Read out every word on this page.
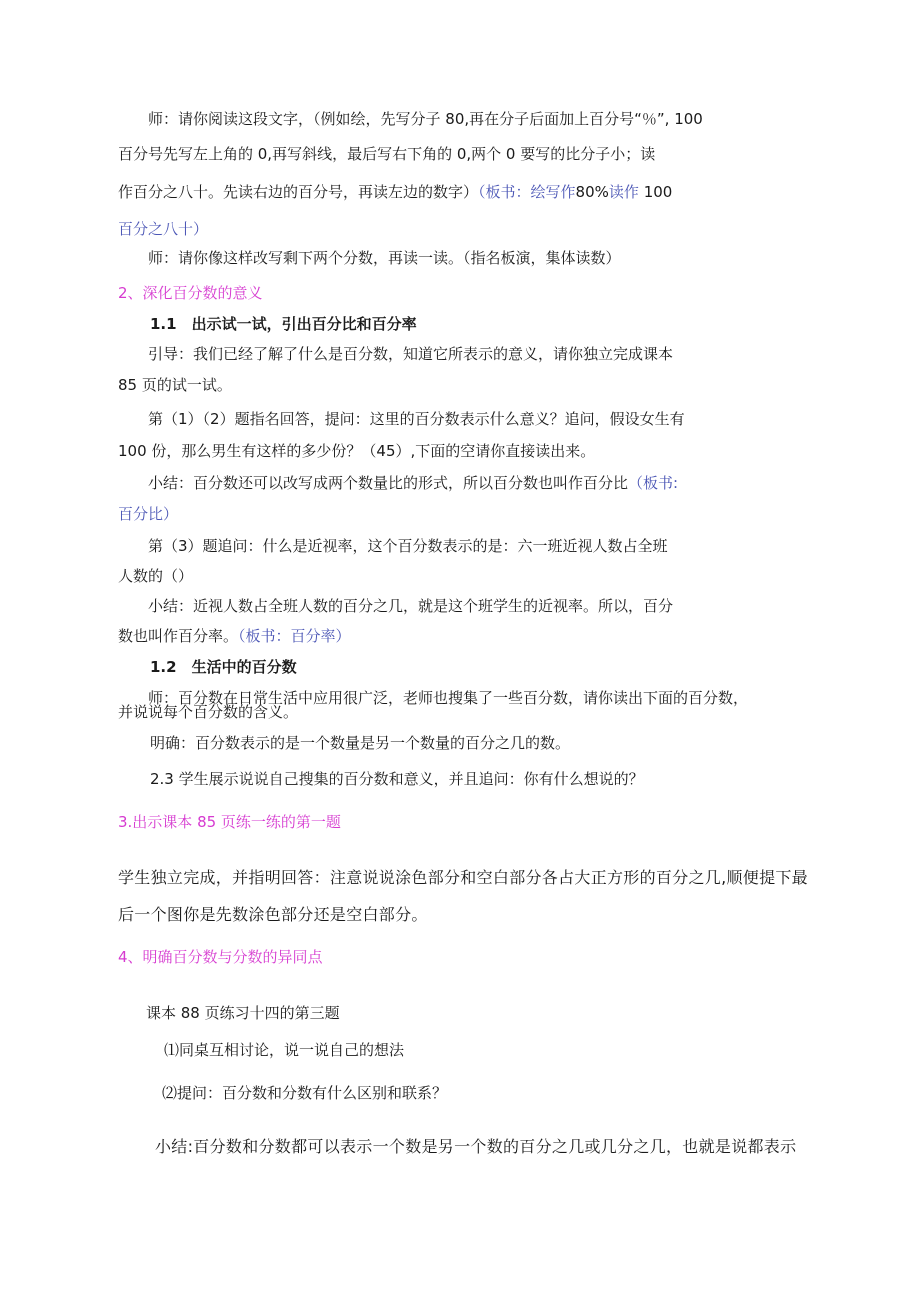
师：请你阅读这段文字，（例如绘，先写分子 80,再在分子后面加上百分号“％”, 100
百分号先写左上角的 0,再写斜线，最后写右下角的 0,两个 0 要写的比分子小；读
作百分之八十。先读右边的百分号，再读左边的数字）（板书：绘写作80%读作 100
百分之八十）
师：请你像这样改写剩下两个分数，再读一读。（指名板演，集体读数）
2、深化百分数的意义
1.1　出示试一试，引出百分比和百分率
引导：我们已经了解了什么是百分数，知道它所表示的意义，请你独立完成课本
85 页的试一试。
第（1）（2）题指名回答，提问：这里的百分数表示什么意义？追问，假设女生有
100 份，那么男生有这样的多少份？（45）,下面的空请你直接读出来。
小结：百分数还可以改写成两个数量比的形式，所以百分数也叫作百分比（板书:
百分比）
第（3）题追问：什么是近视率，这个百分数表示的是：六一班近视人数占全班
人数的（）
小结：近视人数占全班人数的百分之几，就是这个班学生的近视率。所以，百分
数也叫作百分率。（板书：百分率）
1.2　生活中的百分数
师：百分数在日常生活中应用很广泛，老师也搜集了一些百分数，请你读出下面的百分数，
并说说每个百分数的含义。
明确：百分数表示的是一个数量是另一个数量的百分之几的数。
2.3 学生展示说说自己搜集的百分数和意义，并且追问：你有什么想说的？
3.出示课本 85 页练一练的第一题
学生独立完成，并指明回答：注意说说涂色部分和空白部分各占大正方形的百分之几,顺便提下最
后一个图你是先数涂色部分还是空白部分。
4、明确百分数与分数的异同点
课本 88 页练习十四的第三题
⑴同桌互相讨论，说一说自己的想法
⑵提问：百分数和分数有什么区别和联系？
小结:百分数和分数都可以表示一个数是另一个数的百分之几或几分之几，也就是说都表示
